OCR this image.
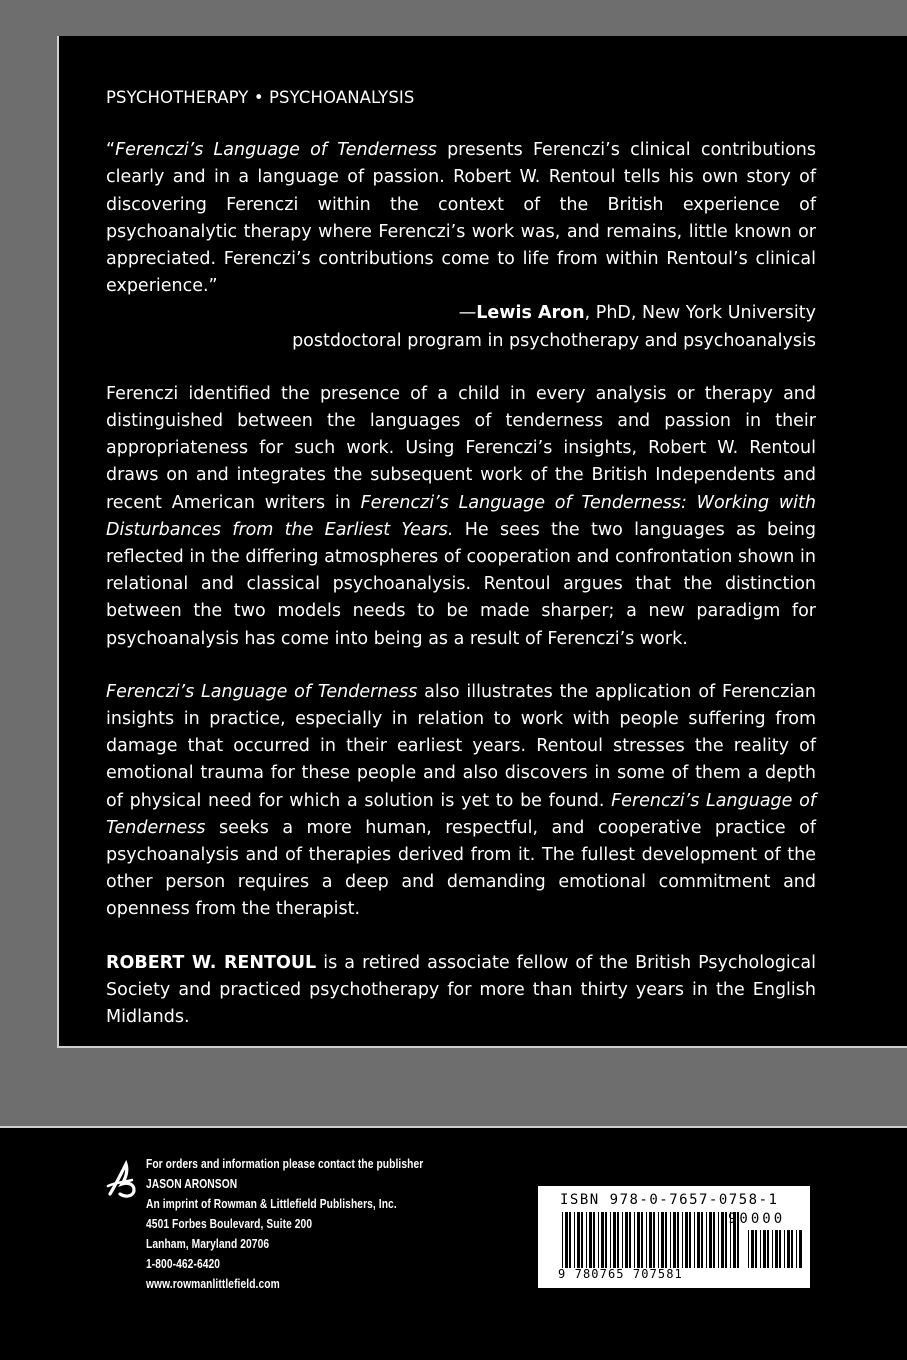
PSYCHOTHERAPY • PSYCHOANALYSIS

“Ferenczi’s Language of Tenderness presents Ferenczi’s clinical contributions clearly and in a language of passion. Robert W. Rentoul tells his own story of discovering Ferenczi within the context of the British experience of psychoanalytic therapy where Ferenczi’s work was, and remains, little known or appreciated. Ferenczi’s contributions come to life from within Rentoul’s clinical experience.”

—Lewis Aron, PhD, New York University
postdoctoral program in psychotherapy and psychoanalysis

Ferenczi identified the presence of a child in every analysis or therapy and distinguished between the languages of tenderness and passion in their appropriateness for such work. Using Ferenczi’s insights, Robert W. Rentoul draws on and integrates the subsequent work of the British Independents and recent American writers in Ferenczi’s Language of Tenderness: Working with Disturbances from the Earliest Years. He sees the two languages as being reflected in the differing atmospheres of cooperation and confrontation shown in relational and classical psychoanalysis. Rentoul argues that the distinction between the two models needs to be made sharper; a new paradigm for psychoanalysis has come into being as a result of Ferenczi’s work.

Ferenczi’s Language of Tenderness also illustrates the application of Ferenczian insights in practice, especially in relation to work with people suffering from damage that occurred in their earliest years. Rentoul stresses the reality of emotional trauma for these people and also discovers in some of them a depth of physical need for which a solution is yet to be found. Ferenczi’s Language of Tenderness seeks a more human, respectful, and cooperative practice of psychoanalysis and of therapies derived from it. The fullest development of the other person requires a deep and demanding emotional commitment and openness from the therapist.

ROBERT W. RENTOUL is a retired associate fellow of the British Psychological Society and practiced psychotherapy for more than thirty years in the English Midlands.

For orders and information please contact the publisher
JASON ARONSON
An imprint of Rowman & Littlefield Publishers, Inc.
4501 Forbes Boulevard, Suite 200
Lanham, Maryland 20706
1-800-462-6420
www.rowmanlittlefield.com
ISBN 978-0-7657-0758-1
90000
9 780765 707581
